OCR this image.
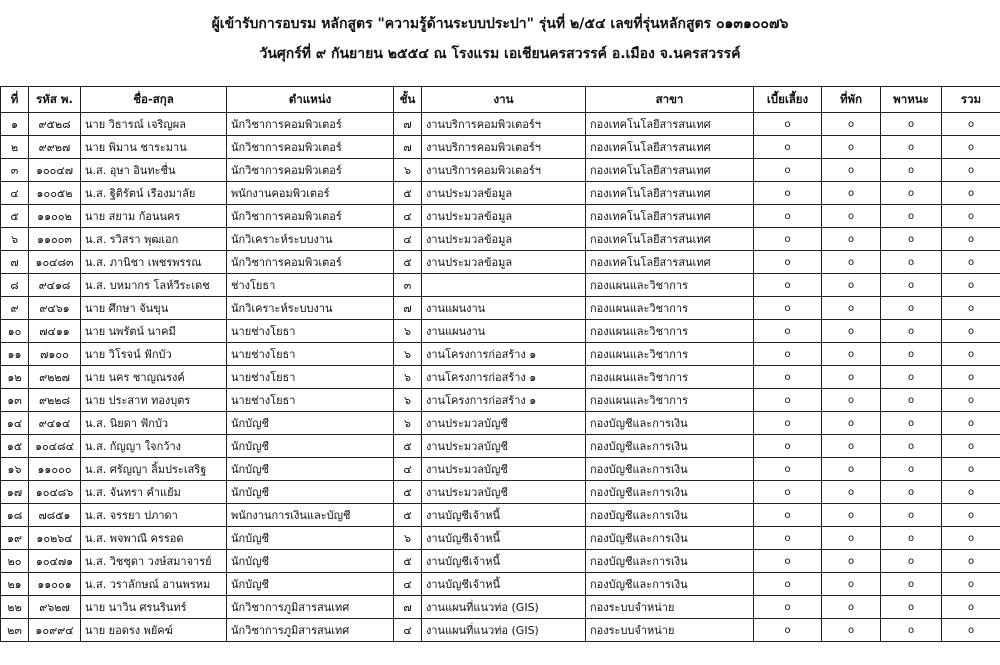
ผู้เข้ารับการอบรม หลักสูตร "ความรู้ด้านระบบประปา" รุ่นที่ ๒/๕๔ เลขที่รุ่นหลักสูตร ๐๑๓๑๐๐๗๖
วันศุกร์ที่ ๙ กันยายน ๒๕๕๔ ณ โรงแรม เอเชียนครสวรรค์ อ.เมือง จ.นครสวรรค์
ที่	รหัส พ.	ชื่อ-สกุล	ตำแหน่ง	ชั้น	งาน	สาขา	เบี้ยเลี้ยง	ที่พัก	พาหนะ	รวม
๑	๙๕๒๘	นาย วิธารณ์ เจริญผล	นักวิชาการคอมพิวเตอร์	๗	งานบริการคอมพิวเตอร์ฯ	กองเทคโนโลยีสารสนเทศ	o	o	o	o
๒	๙๙๒๗	นาย พิมาน ชาระมาน	นักวิชาการคอมพิวเตอร์	๗	งานบริการคอมพิวเตอร์ฯ	กองเทคโนโลยีสารสนเทศ	o	o	o	o
๓	๑๐๐๔๗	น.ส. อุษา อินทะชื่น	นักวิชาการคอมพิวเตอร์	๖	งานบริการคอมพิวเตอร์ฯ	กองเทคโนโลยีสารสนเทศ	o	o	o	o
๔	๑๐๐๕๒	น.ส. ฐิติรัตน์ เรืองมาลัย	พนักงานคอมพิวเตอร์	๕	งานประมวลข้อมูล	กองเทคโนโลยีสารสนเทศ	o	o	o	o
๕	๑๑๐๐๒	นาย สยาม ก้อนนคร	นักวิชาการคอมพิวเตอร์	๔	งานประมวลข้อมูล	กองเทคโนโลยีสารสนเทศ	o	o	o	o
๖	๑๑๐๐๓	น.ส. รวิสรา พุฒเอก	นักวิเคราะห์ระบบงาน	๔	งานประมวลข้อมูล	กองเทคโนโลยีสารสนเทศ	o	o	o	o
๗	๑๐๔๘๓	น.ส. ภานิชา เพชรพรรณ	นักวิชาการคอมพิวเตอร์	๕	งานประมวลข้อมูล	กองเทคโนโลยีสารสนเทศ	o	o	o	o
๘	๙๔๑๘	น.ส. บหมากร โลห์วีระเดช	ช่างโยธา	๓		กองแผนและวิชาการ	o	o	o	o
๙	๙๔๖๑	นาย ศึกษา จันขุน	นักวิเคราะห์ระบบงาน	๗	งานแผนงาน	กองแผนและวิชาการ	o	o	o	o
๑๐	๗๔๑๑	นาย นพรัตน์ นาคมี	นายช่างโยธา	๖	งานแผนงาน	กองแผนและวิชาการ	o	o	o	o
๑๑	๗๑๐๐	นาย วิโรจน์ ฟักบัว	นายช่างโยธา	๖	งานโครงการก่อสร้าง ๑	กองแผนและวิชาการ	o	o	o	o
๑๒	๙๒๒๗	นาย นคร ชาญณรงค์	นายช่างโยธา	๖	งานโครงการก่อสร้าง ๑	กองแผนและวิชาการ	o	o	o	o
๑๓	๙๒๒๘	นาย ประสาท ทองบุตร	นายช่างโยธา	๖	งานโครงการก่อสร้าง ๑	กองแผนและวิชาการ	o	o	o	o
๑๔	๙๔๑๔	น.ส. นิยดา ฟักบัว	นักบัญชี	๖	งานประมวลบัญชี	กองบัญชีและการเงิน	o	o	o	o
๑๕	๑๐๔๘๔	น.ส. กัญญา ใจกว้าง	นักบัญชี	๕	งานประมวลบัญชี	กองบัญชีและการเงิน	o	o	o	o
๑๖	๑๑๐๐๐	น.ส. ศรัญญา ลิ้มประเสริฐ	นักบัญชี	๔	งานประมวลบัญชี	กองบัญชีและการเงิน	o	o	o	o
๑๗	๑๐๔๘๖	น.ส. จันทรา คำแย้ม	นักบัญชี	๕	งานประมวลบัญชี	กองบัญชีและการเงิน	o	o	o	o
๑๘	๗๘๕๑	น.ส. จรรยา ปภาดา	พนักงานการเงินและบัญชี	๕	งานบัญชีเจ้าหนี้	กองบัญชีและการเงิน	o	o	o	o
๑๙	๑๐๒๖๔	น.ส. พจพาณี ครรอด	นักบัญชี	๖	งานบัญชีเจ้าหนี้	กองบัญชีและการเงิน	o	o	o	o
๒๐	๑๐๔๗๑	น.ส. วิชชุดา วงษ์สมาจารย์	นักบัญชี	๕	งานบัญชีเจ้าหนี้	กองบัญชีและการเงิน	o	o	o	o
๒๑	๑๑๐๐๑	น.ส. วราลักษณ์ อานพรหม	นักบัญชี	๔	งานบัญชีเจ้าหนี้	กองบัญชีและการเงิน	o	o	o	o
๒๒	๙๖๒๗	นาย นาวิน ศรนรินทร์	นักวิชาการภูมิสารสนเทศ	๗	งานแผนที่แนวท่อ (GIS)	กองระบบจำหน่าย	o	o	o	o
๒๓	๑๐๙๙๔	นาย ยอดรง พยัคฆ์	นักวิชาการภูมิสารสนเทศ	๔	งานแผนที่แนวท่อ (GIS)	กองระบบจำหน่าย	o	o	o	o
